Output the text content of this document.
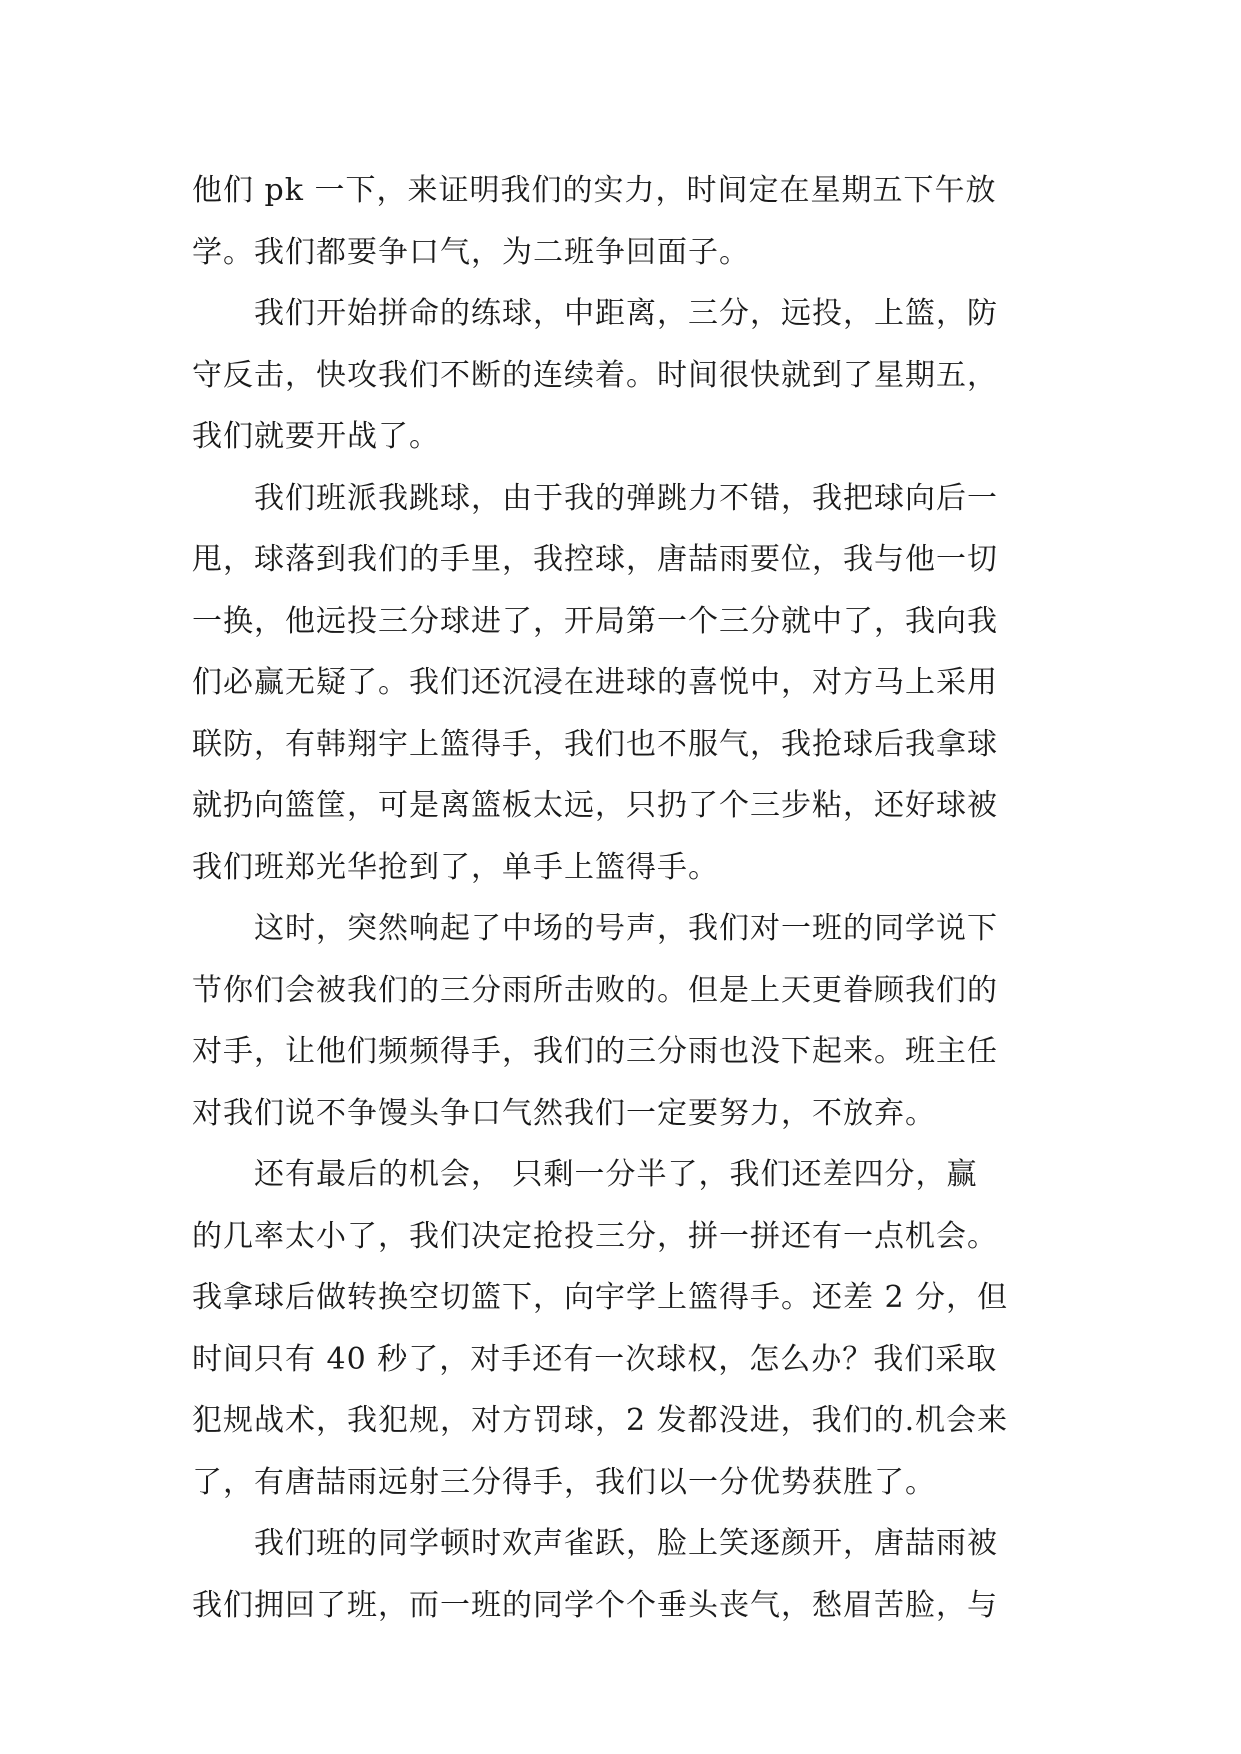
他们 pk 一下，来证明我们的实力，时间定在星期五下午放
学。我们都要争口气，为二班争回面子。
我们开始拼命的练球，中距离，三分，远投，上篮，防
守反击，快攻我们不断的连续着。时间很快就到了星期五，
我们就要开战了。
我们班派我跳球，由于我的弹跳力不错，我把球向后一
甩，球落到我们的手里，我控球，唐喆雨要位，我与他一切
一换，他远投三分球进了，开局第一个三分就中了，我向我
们必赢无疑了。我们还沉浸在进球的喜悦中，对方马上采用
联防，有韩翔宇上篮得手，我们也不服气，我抢球后我拿球
就扔向篮筐，可是离篮板太远，只扔了个三步粘，还好球被
我们班郑光华抢到了，单手上篮得手。
这时，突然响起了中场的号声，我们对一班的同学说下
节你们会被我们的三分雨所击败的。但是上天更眷顾我们的
对手，让他们频频得手，我们的三分雨也没下起来。班主任
对我们说不争馒头争口气然我们一定要努力，不放弃。
还有最后的机会， 只剩一分半了，我们还差四分，赢
的几率太小了，我们决定抢投三分，拼一拼还有一点机会。
我拿球后做转换空切篮下，向宇学上篮得手。还差 2 分，但
时间只有 40 秒了，对手还有一次球权，怎么办？我们采取
犯规战术，我犯规，对方罚球，2 发都没进，我们的.机会来
了，有唐喆雨远射三分得手，我们以一分优势获胜了。
我们班的同学顿时欢声雀跃，脸上笑逐颜开，唐喆雨被
我们拥回了班，而一班的同学个个垂头丧气，愁眉苦脸，与
